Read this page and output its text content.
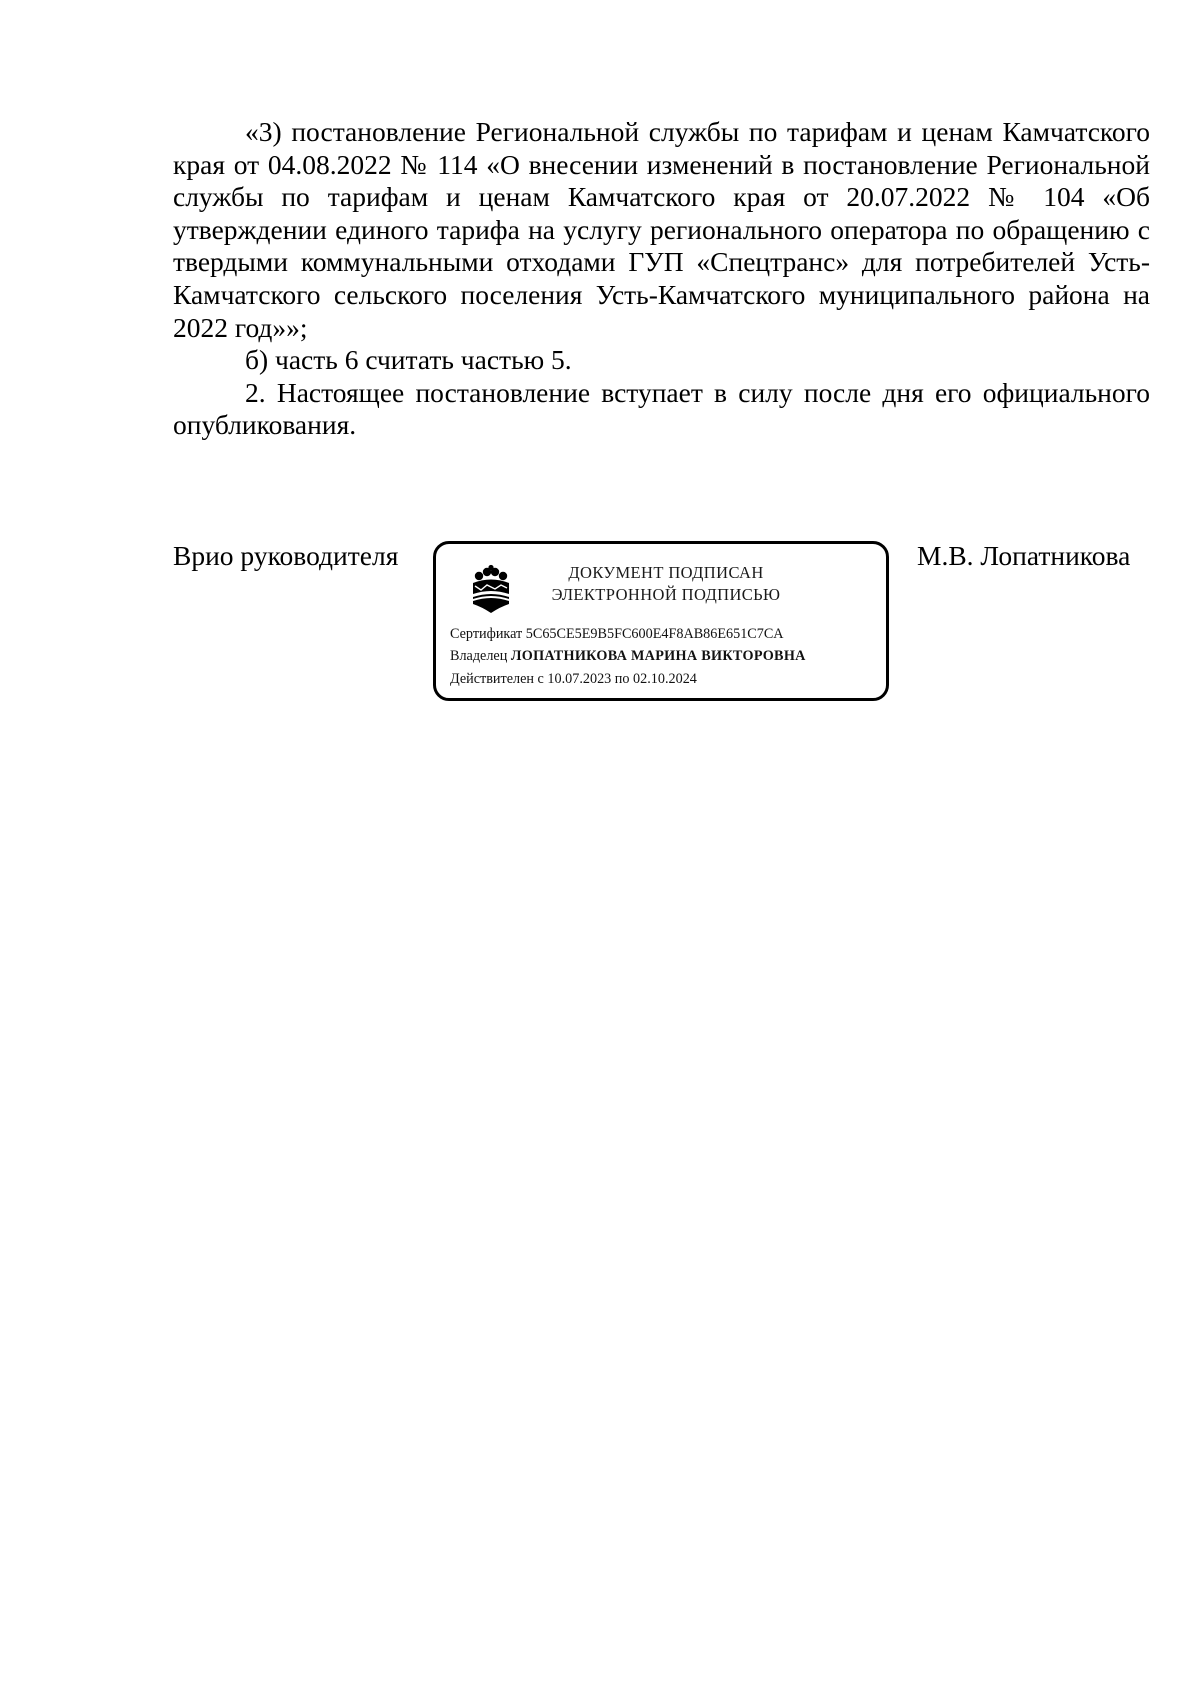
«3) постановление Региональной службы по тарифам и ценам Камчатского края от 04.08.2022 № 114 «О внесении изменений в постановление Региональной службы по тарифам и ценам Камчатского края от 20.07.2022 № 104 «Об утверждении единого тарифа на услугу регионального оператора по обращению с твердыми коммунальными отходами ГУП «Спецтранс» для потребителей Усть-Камчатского сельского поселения Усть-Камчатского муниципального района на 2022 год»»;

б) часть 6 считать частью 5.

2. Настоящее постановление вступает в силу после дня его официального опубликования.

Врио руководителя
ДОКУМЕНТ ПОДПИСАН
ЭЛЕКТРОННОЙ ПОДПИСЬЮ
Сертификат 5C65CE5E9B5FC600E4F8AB86E651C7CA
Владелец ЛОПАТНИКОВА МАРИНА ВИКТОРОВНА
Действителен с 10.07.2023 по 02.10.2024
М.В. Лопатникова
